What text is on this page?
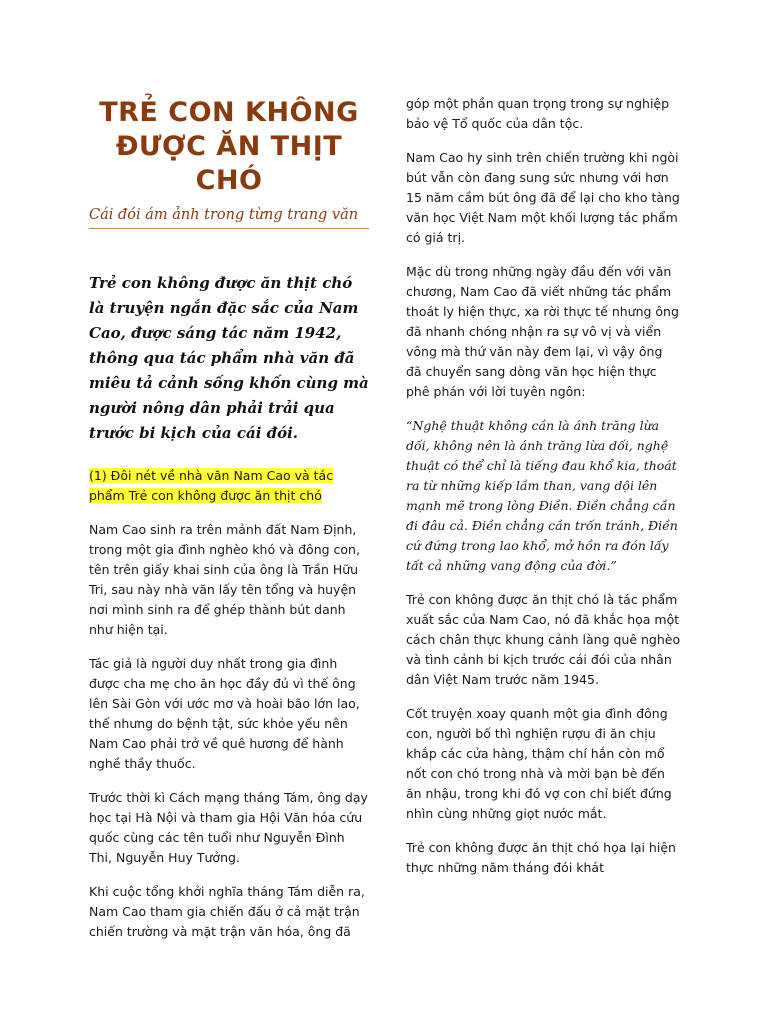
TRẺ CON KHÔNG ĐƯỢC ĂN THỊT CHÓ
Cái đói ám ảnh trong từng trang văn
Trẻ con không được ăn thịt chó là truyện ngắn đặc sắc của Nam Cao, được sáng tác năm 1942, thông qua tác phẩm nhà văn đã miêu tả cảnh sống khốn cùng mà người nông dân phải trải qua trước bi kịch của cái đói.
(1) Đôi nét về nhà văn Nam Cao và tác phẩm Trẻ con không được ăn thịt chó

Nam Cao sinh ra trên mảnh đất Nam Định, trong một gia đình nghèo khó và đông con, tên trên giấy khai sinh của ông là Trần Hữu Tri, sau này nhà văn lấy tên tổng và huyện nơi mình sinh ra để ghép thành bút danh như hiện tại.

Tác giả là người duy nhất trong gia đình được cha mẹ cho ăn học đầy đủ vì thế ông lên Sài Gòn với ước mơ và hoài bão lớn lao, thế nhưng do bệnh tật, sức khỏe yếu nên Nam Cao phải trở về quê hương để hành nghề thầy thuốc.

Trước thời kì Cách mạng tháng Tám, ông dạy học tại Hà Nội và tham gia Hội Văn hóa cứu quốc cùng các tên tuổi như Nguyễn Đình Thi, Nguyễn Huy Tưởng.

Khi cuộc tổng khởi nghĩa tháng Tám diễn ra, Nam Cao tham gia chiến đấu ở cả mặt trận chiến trường và mặt trận văn hóa, ông đã

góp một phần quan trọng trong sự nghiệp bảo vệ Tổ quốc của dân tộc.

Nam Cao hy sinh trên chiến trường khi ngòi bút vẫn còn đang sung sức nhưng với hơn 15 năm cầm bút ông đã để lại cho kho tàng văn học Việt Nam một khối lượng tác phẩm có giá trị.

Mặc dù trong những ngày đầu đến với văn chương, Nam Cao đã viết những tác phẩm thoát ly hiện thực, xa rời thực tế nhưng ông đã nhanh chóng nhận ra sự vô vị và viển vông mà thứ văn này đem lại, vì vậy ông đã chuyển sang dòng văn học hiện thực phê phán với lời tuyên ngôn:

“Nghệ thuật không cần là ánh trăng lừa dối, không nên là ánh trăng lừa dối, nghệ thuật có thể chỉ là tiếng đau khổ kia, thoát ra từ những kiếp lầm than, vang dội lên mạnh mẽ trong lòng Điền. Điền chẳng cần đi đâu cả. Điền chẳng cần trốn tránh, Điền cứ đứng trong lao khổ, mở hồn ra đón lấy tất cả những vang động của đời.”

Trẻ con không được ăn thịt chó là tác phẩm xuất sắc của Nam Cao, nó đã khắc họa một cách chân thực khung cảnh làng quê nghèo và tình cảnh bi kịch trước cái đói của nhân dân Việt Nam trước năm 1945.

Cốt truyện xoay quanh một gia đình đông con, người bố thì nghiện rượu đi ăn chịu khắp các cửa hàng, thậm chí hắn còn mổ nốt con chó trong nhà và mời bạn bè đến ăn nhậu, trong khi đó vợ con chỉ biết đứng nhìn cùng những giọt nước mắt.

Trẻ con không được ăn thịt chó họa lại hiện thực những năm tháng đói khát
